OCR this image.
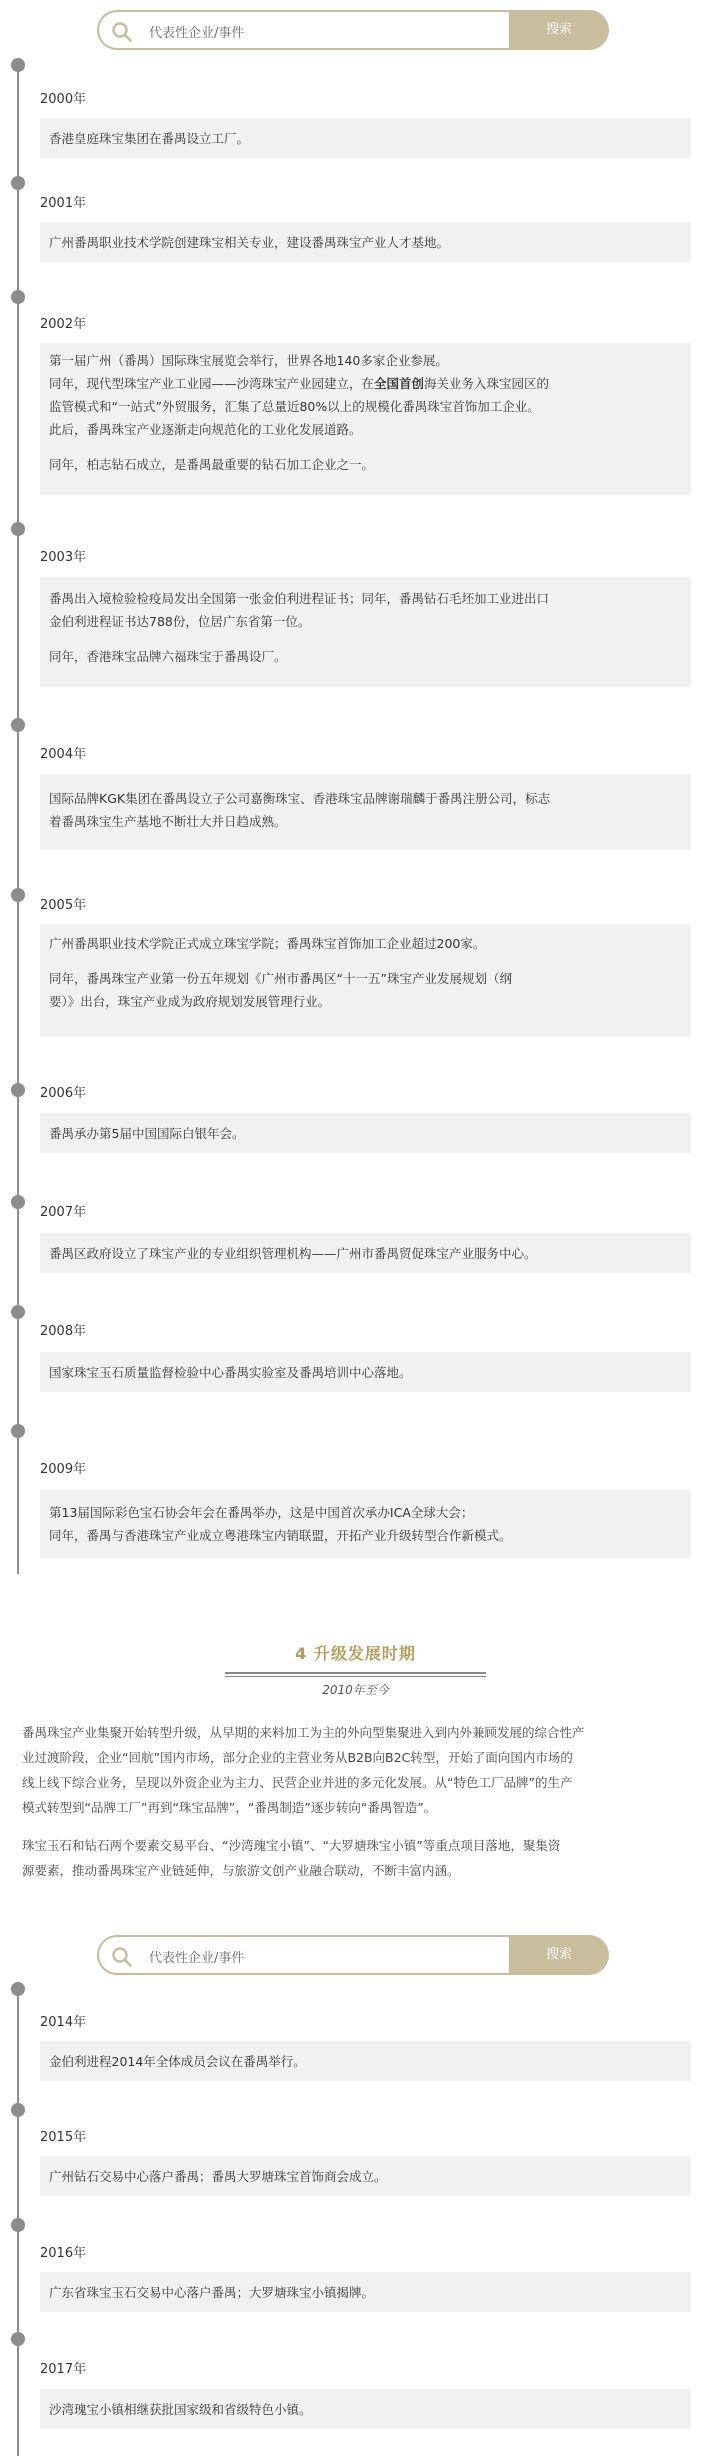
代表性企业/事件	搜索
2000年

香港皇庭珠宝集团在番禺设立工厂。

2001年

广州番禺职业技术学院创建珠宝相关专业，建设番禺珠宝产业人才基地。

2002年

第一届广州（番禺）国际珠宝展览会举行，世界各地140多家企业参展。

同年，现代型珠宝产业工业园——沙湾珠宝产业园建立，在全国首创海关业务入珠宝园区的

监管模式和“一站式”外贸服务，汇集了总量近80%以上的规模化番禺珠宝首饰加工企业。

此后，番禺珠宝产业逐渐走向规范化的工业化发展道路。

同年，柏志钻石成立，是番禺最重要的钻石加工企业之一。

2003年

番禺出入境检验检疫局发出全国第一张金伯利进程证书；同年，番禺钻石毛坯加工业进出口

金伯利进程证书达788份，位居广东省第一位。

同年，香港珠宝品牌六福珠宝于番禺设厂。

2004年

国际品牌KGK集团在番禺设立子公司嘉衡珠宝、香港珠宝品牌谢瑞麟于番禺注册公司，标志

着番禺珠宝生产基地不断壮大并日趋成熟。

2005年

广州番禺职业技术学院正式成立珠宝学院；番禺珠宝首饰加工企业超过200家。

同年，番禺珠宝产业第一份五年规划《广州市番禺区“十一五”珠宝产业发展规划（纲

要）》出台，珠宝产业成为政府规划发展管理行业。

2006年

番禺承办第5届中国国际白银年会。

2007年

番禺区政府设立了珠宝产业的专业组织管理机构——广州市番禺贸促珠宝产业服务中心。

2008年

国家珠宝玉石质量监督检验中心番禺实验室及番禺培训中心落地。

2009年

第13届国际彩色宝石协会年会在番禺举办，这是中国首次承办ICA全球大会；

同年，番禺与香港珠宝产业成立粤港珠宝内销联盟，开拓产业升级转型合作新模式。

4 升级发展时期
2010年至今

番禺珠宝产业集聚开始转型升级，从早期的来料加工为主的外向型集聚进入到内外兼顾发展的综合性产

业过渡阶段，企业“回航”国内市场，部分企业的主营业务从B2B向B2C转型，开始了面向国内市场的

线上线下综合业务，呈现以外资企业为主力、民营企业并进的多元化发展。从“特色工厂品牌”的生产

模式转型到“品牌工厂”再到“珠宝品牌”，“番禺制造”逐步转向“番禺智造”。

珠宝玉石和钻石两个要素交易平台、“沙湾瑰宝小镇”、“大罗塘珠宝小镇”等重点项目落地，聚集资

源要素，推动番禺珠宝产业链延伸，与旅游文创产业融合联动，不断丰富内涵。

代表性企业/事件	搜索
2014年

金伯利进程2014年全体成员会议在番禺举行。

2015年

广州钻石交易中心落户番禺；番禺大罗塘珠宝首饰商会成立。

2016年

广东省珠宝玉石交易中心落户番禺；大罗塘珠宝小镇揭牌。

2017年

沙湾瑰宝小镇相继获批国家级和省级特色小镇。
